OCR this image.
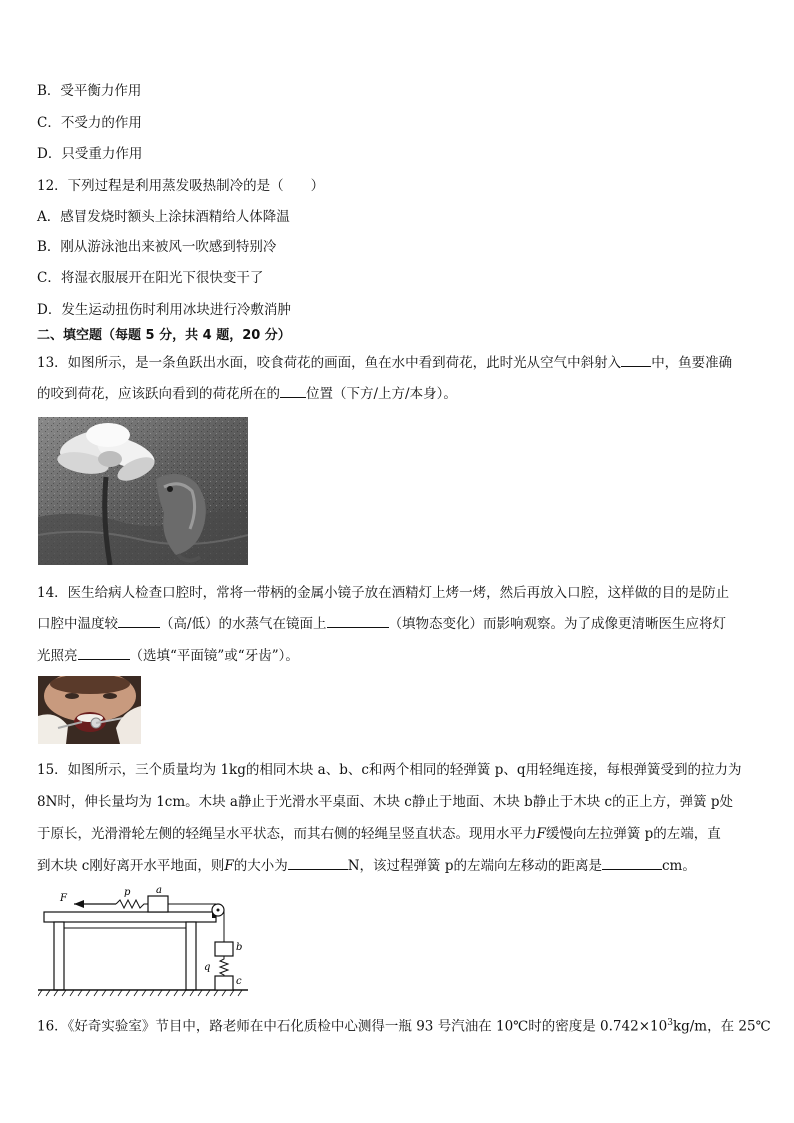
B．受平衡力作用
C．不受力的作用
D．只受重力作用
12．下列过程是利用蒸发吸热制冷的是（　　）
A．感冒发烧时额头上涂抹酒精给人体降温
B．刚从游泳池出来被风一吹感到特别冷
C．将湿衣服展开在阳光下很快变干了
D．发生运动扭伤时利用冰块进行冷敷消肿
二、填空题（每题 5 分，共 4 题，20 分）
13．如图所示，是一条鱼跃出水面，咬食荷花的画面，鱼在水中看到荷花，此时光从空气中斜射入 中，鱼要准确
的咬到荷花，应该跃向看到的荷花所在的 位置（下方/上方/本身）。
14．医生给病人检查口腔时，常将一带柄的金属小镜子放在酒精灯上烤一烤，然后再放入口腔，这样做的目的是防止
口腔中温度较	（高/低）的水蒸气在镜面上	（填物态变化）而影响观察。为了成像更清晰医生应将灯
光照亮	（选填“平面镜”或“牙齿”）。
15．如图所示，三个质量均为 1kg的相同木块 a、b、c和两个相同的轻弹簧 p、q用轻绳连接，每根弹簧受到的拉力为
8N时，伸长量均为 1cm。木块 a静止于光滑水平桌面、木块 c静止于地面、木块 b静止于木块 c的正上方，弹簧 p处
于原长，光滑滑轮左侧的轻绳呈水平状态，而其右侧的轻绳呈竖直状态。现用水平力F缓慢向左拉弹簧 p的左端，直
到木块 c刚好离开水平地面，则F的大小为	N，该过程弹簧 p的左端向左移动的距离是	cm。
F
p	a
b
q
c
16．《好奇实验室》节目中，路老师在中石化质检中心测得一瓶 93 号汽油在 10℃时的密度是 $0.742\times 10^3kg/m$，在 25℃
